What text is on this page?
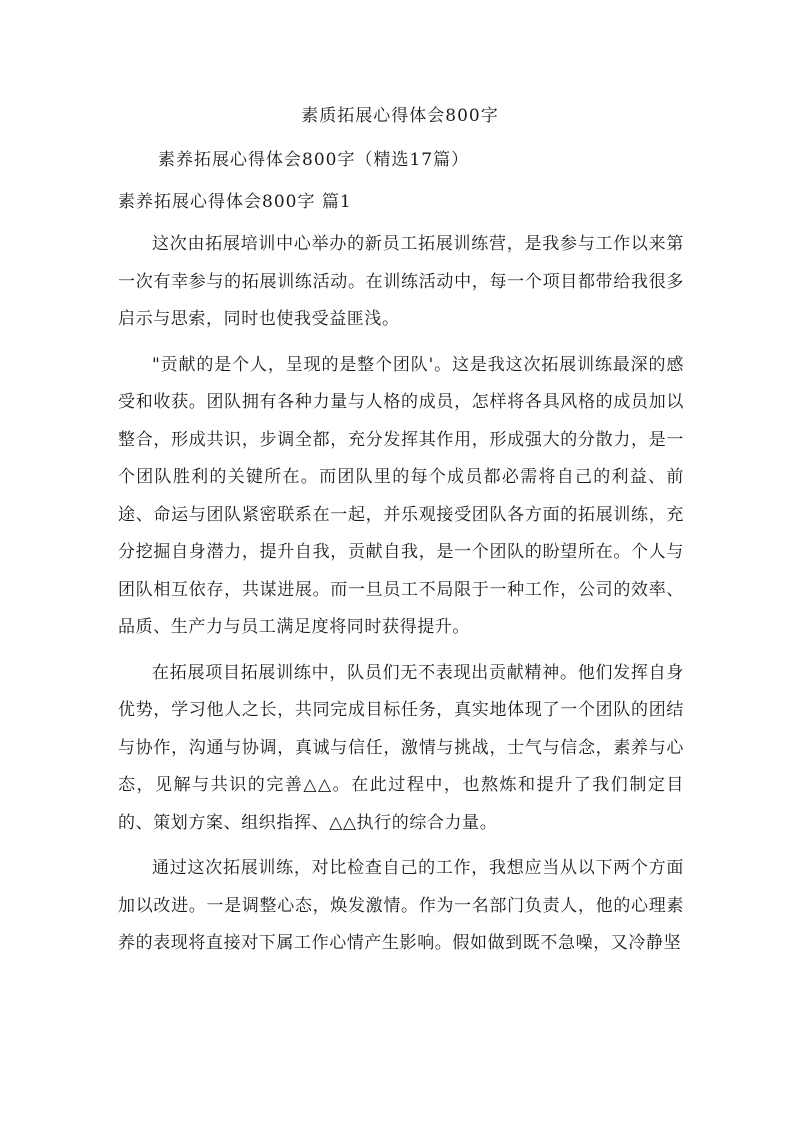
素质拓展心得体会800字
素养拓展心得体会800字（精选17篇）
素养拓展心得体会800字 篇1

这次由拓展培训中心举办的新员工拓展训练营，是我参与工作以来第一次有幸参与的拓展训练活动。在训练活动中，每一个项目都带给我很多启示与思索，同时也使我受益匪浅。

"贡献的是个人，呈现的是整个团队'。这是我这次拓展训练最深的感受和收获。团队拥有各种力量与人格的成员，怎样将各具风格的成员加以整合，形成共识，步调全都，充分发挥其作用，形成强大的分散力，是一个团队胜利的关键所在。而团队里的每个成员都必需将自己的利益、前途、命运与团队紧密联系在一起，并乐观接受团队各方面的拓展训练，充分挖掘自身潜力，提升自我，贡献自我，是一个团队的盼望所在。个人与团队相互依存，共谋进展。而一旦员工不局限于一种工作，公司的效率、品质、生产力与员工满足度将同时获得提升。

在拓展项目拓展训练中，队员们无不表现出贡献精神。他们发挥自身优势，学习他人之长，共同完成目标任务，真实地体现了一个团队的团结与协作，沟通与协调，真诚与信任，激情与挑战，士气与信念，素养与心态，见解与共识的完善△△。在此过程中，也熬炼和提升了我们制定目的、策划方案、组织指挥、△△执行的综合力量。

通过这次拓展训练，对比检查自己的工作，我想应当从以下两个方面加以改进。一是调整心态，焕发激情。作为一名部门负责人，他的心理素养的表现将直接对下属工作心情产生影响。假如做到既不急噪，又冷静坚
